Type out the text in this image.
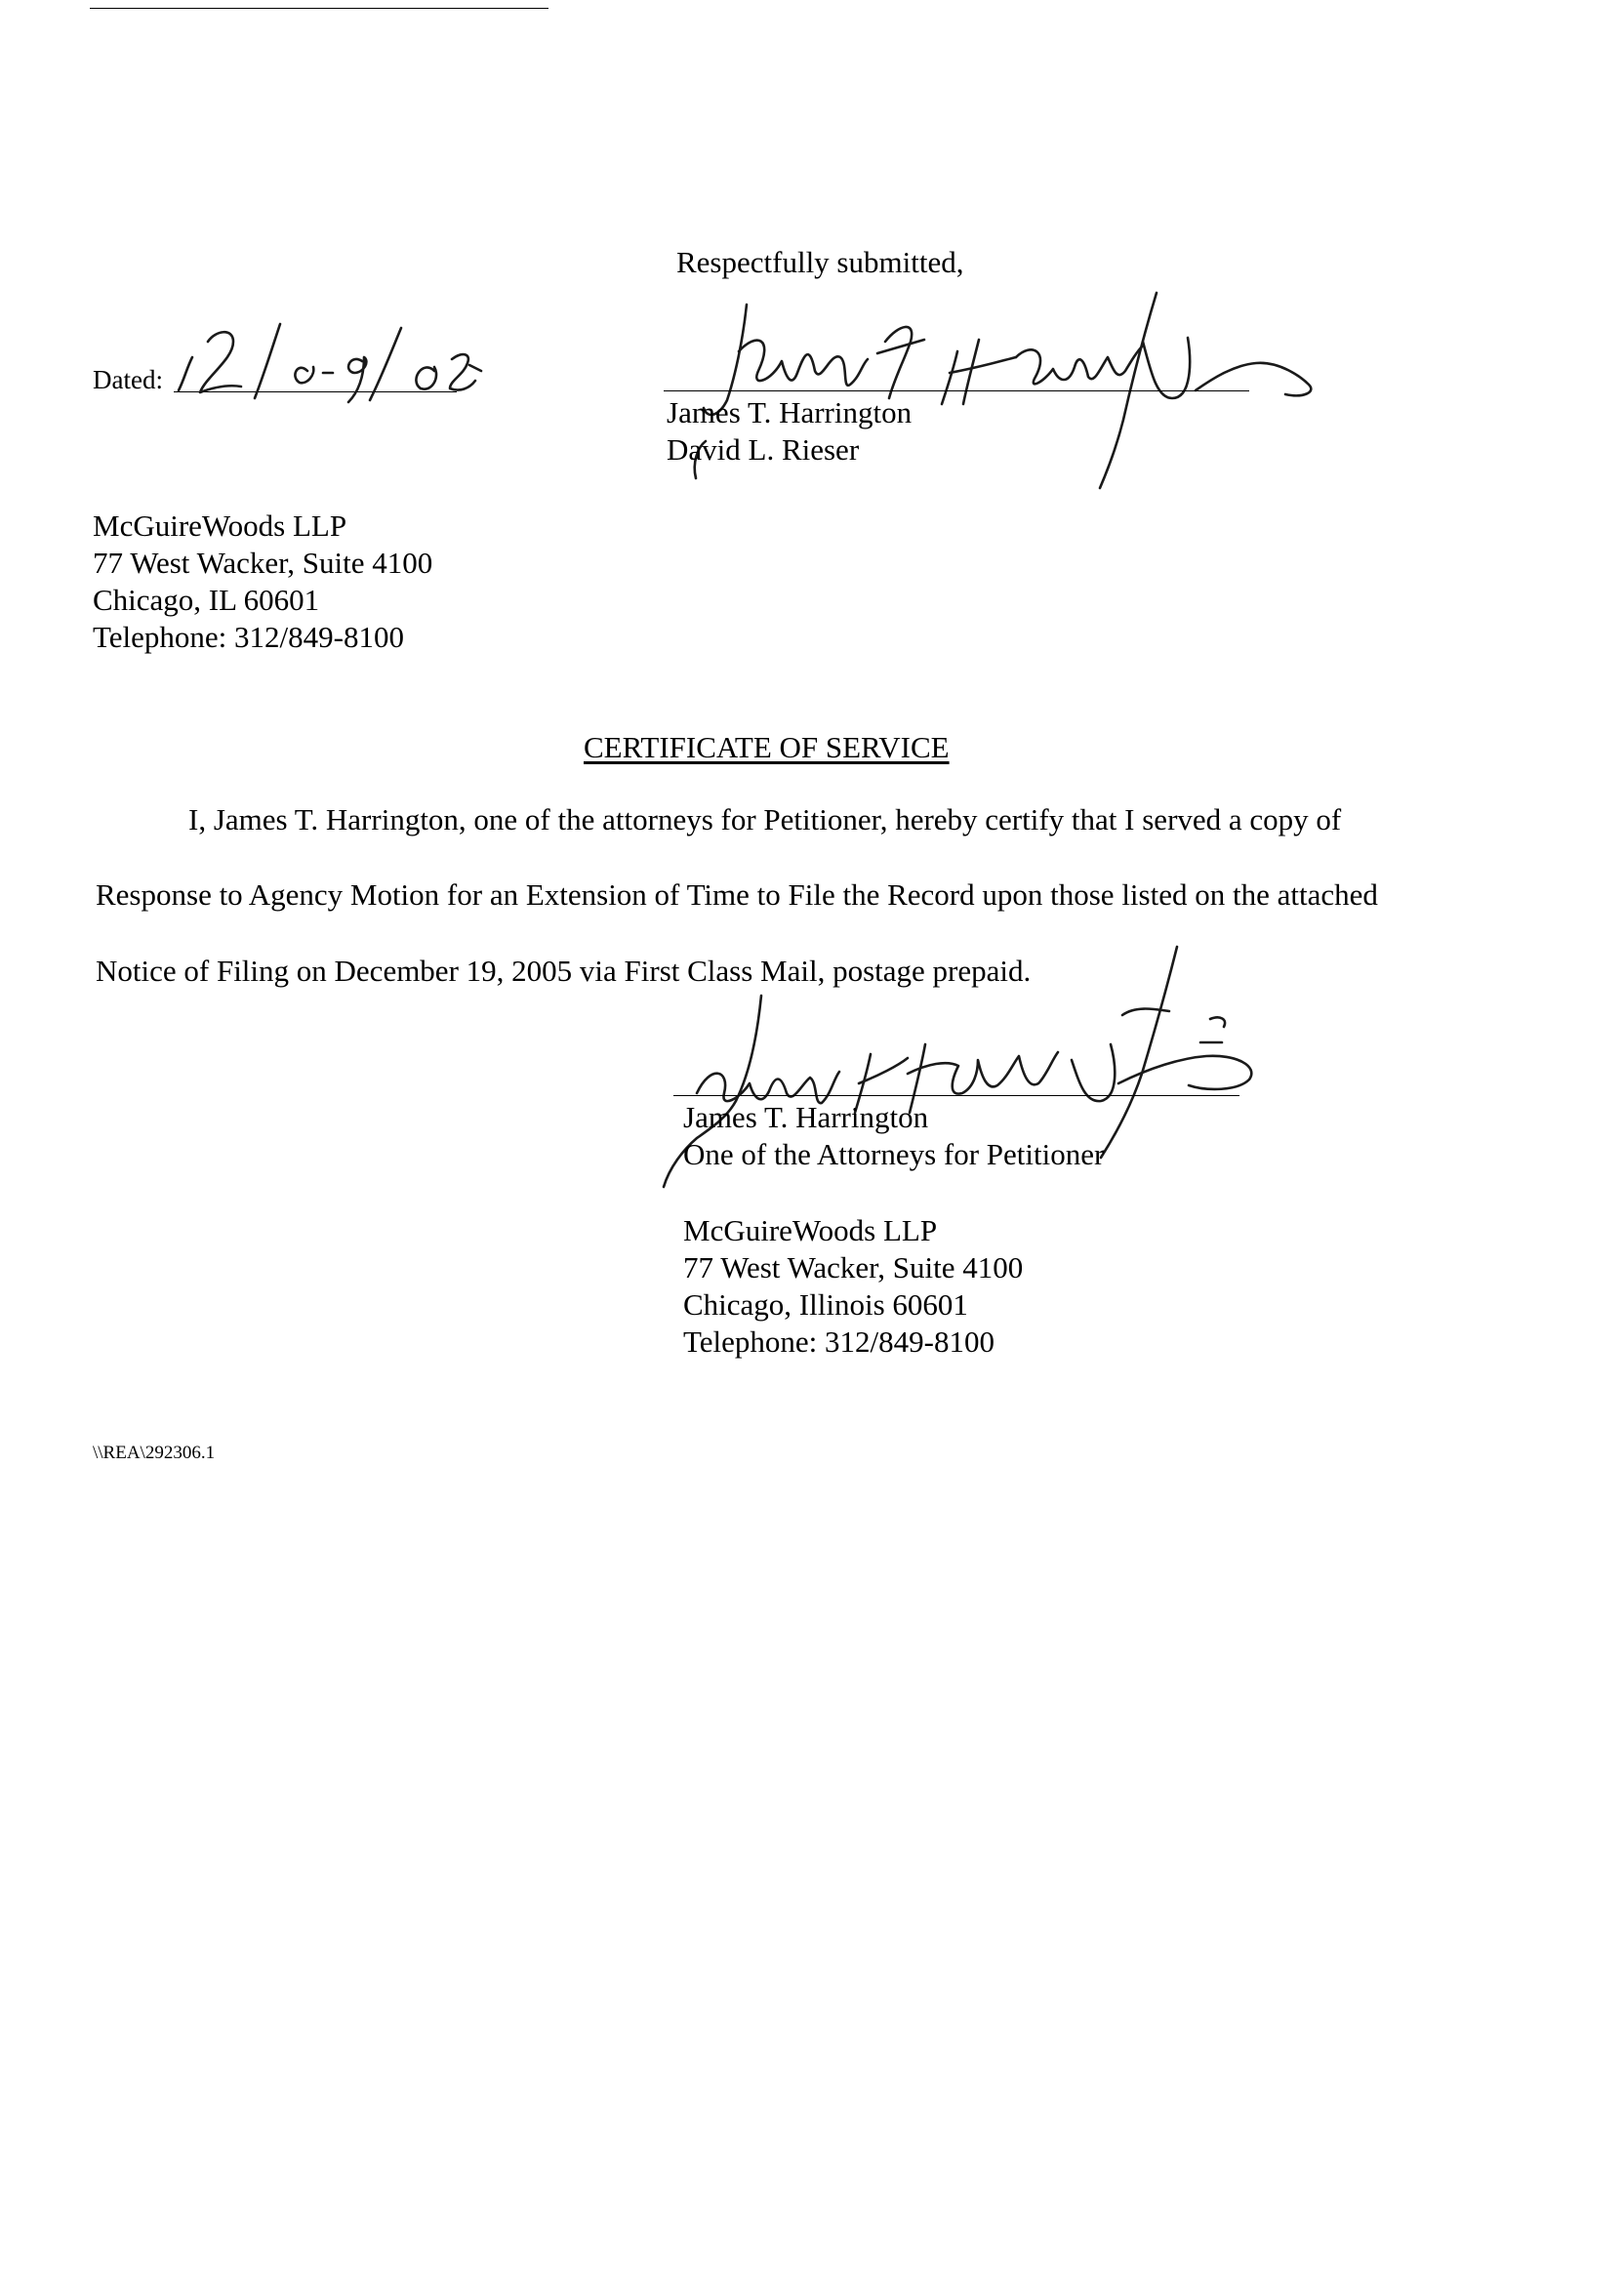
Respectfully submitted,
Dated:
James T. Harrington
David L. Rieser
McGuireWoods LLP
77 West Wacker, Suite 4100
Chicago, IL 60601
Telephone: 312/849-8100
CERTIFICATE OF SERVICE
I, James T. Harrington, one of the attorneys for Petitioner, hereby certify that I served a copy of
Response to Agency Motion for an Extension of Time to File the Record upon those listed on the attached
Notice of Filing on December 19, 2005 via First Class Mail, postage prepaid.
James T. Harrington
One of the Attorneys for Petitioner
McGuireWoods LLP
77 West Wacker, Suite 4100
Chicago, Illinois 60601
Telephone: 312/849-8100
\\REA\292306.1
